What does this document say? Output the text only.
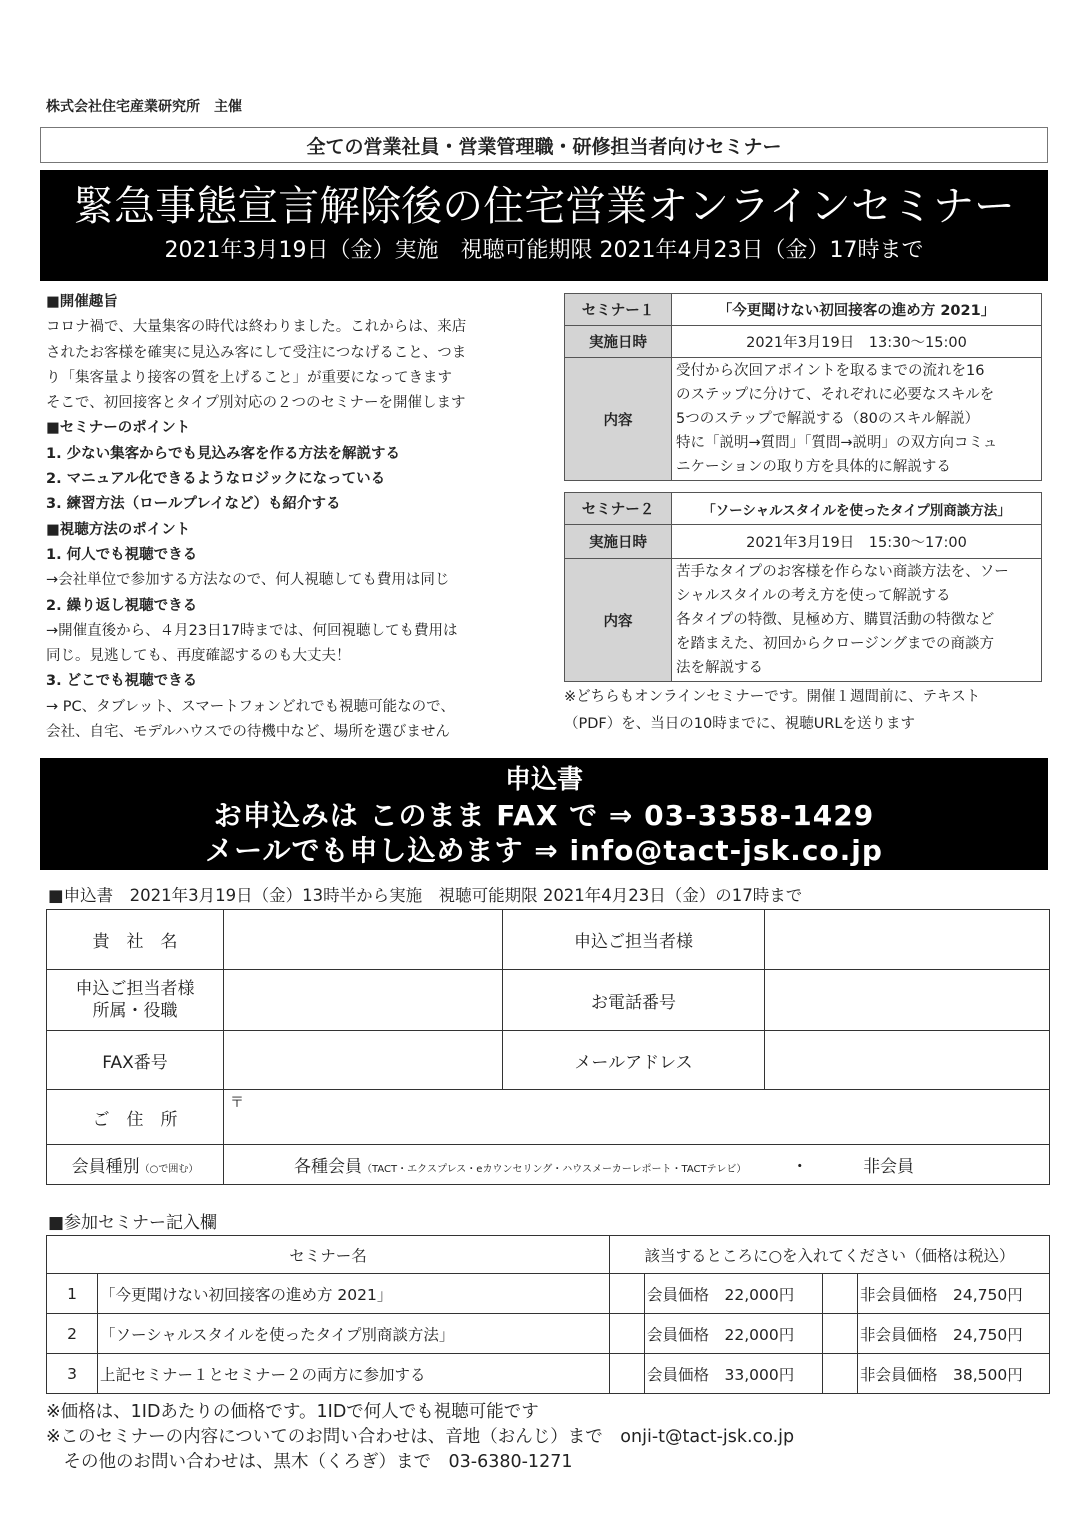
株式会社住宅産業研究所　主催
全ての営業社員・営業管理職・研修担当者向けセミナー
緊急事態宣言解除後の住宅営業オンラインセミナー
2021年3月19日（金）実施　視聴可能期限 2021年4月23日（金）17時まで
■開催趣旨
コロナ禍で、大量集客の時代は終わりました。これからは、来店
されたお客様を確実に見込み客にして受注につなげること、つま
り「集客量より接客の質を上げること」が重要になってきます
そこで、初回接客とタイプ別対応の２つのセミナーを開催します
■セミナーのポイント
1. 少ない集客からでも見込み客を作る方法を解説する
2. マニュアル化できるようなロジックになっている
3. 練習方法（ロールプレイなど）も紹介する
■視聴方法のポイント
1. 何人でも視聴できる
→会社単位で参加する方法なので、何人視聴しても費用は同じ
2. 繰り返し視聴できる
→開催直後から、４月23日17時までは、何回視聴しても費用は
同じ。見逃しても、再度確認するのも大丈夫！
3. どこでも視聴できる
→ PC、タブレット、スマートフォンどれでも視聴可能なので、
会社、自宅、モデルハウスでの待機中など、場所を選びません
セミナー１	「今更聞けない初回接客の進め方 2021」
実施日時	2021年3月19日　13:30～15:00
内容	受付から次回アポイントを取るまでの流れを16
のステップに分けて、それぞれに必要なスキルを
5つのステップで解説する（80のスキル解説）
特に「説明→質問」「質問→説明」の双方向コミュ
ニケーションの取り方を具体的に解説する
セミナー２	「ソーシャルスタイルを使ったタイプ別商談方法」
実施日時	2021年3月19日　15:30～17:00
内容	苦手なタイプのお客様を作らない商談方法を、ソー
シャルスタイルの考え方を使って解説する
各タイプの特徴、見極め方、購買活動の特徴など
を踏まえた、初回からクロージングまでの商談方
法を解説する
※どちらもオンラインセミナーです。開催１週間前に、テキスト
（PDF）を、当日の10時までに、視聴URLを送ります
申込書
お申込みは このまま FAX で ⇒ 03-3358-1429
メールでも申し込めます ⇒ info@tact-jsk.co.jp
■申込書　2021年3月19日（金）13時半から実施　視聴可能期限 2021年4月23日（金）の17時まで
貴　社　名		申込ご担当者様	

申込ご担当者様
所属・役職		お電話番号	
FAX番号		メールアドレス	
ご　住　所	〒		
会員種別（○で囲む）	各種会員（TACT・エクスプレス・eカウンセリング・ハウスメーカーレポート・TACTテレビ） ・ 非会員		
■参加セミナー記入欄
セミナー名		該当するところに○を入れてください（価格は税込）			
1	「今更聞けない初回接客の進め方 2021」		会員価格　22,000円		非会員価格　24,750円
2	「ソーシャルスタイルを使ったタイプ別商談方法」		会員価格　22,000円		非会員価格　24,750円
3	上記セミナー１とセミナー２の両方に参加する		会員価格　33,000円		非会員価格　38,500円
※価格は、1IDあたりの価格です。1IDで何人でも視聴可能です
※このセミナーの内容についてのお問い合わせは、音地（おんじ）まで　onji-t@tact-jsk.co.jp
　その他のお問い合わせは、黒木（くろぎ）まで　03-6380-1271
